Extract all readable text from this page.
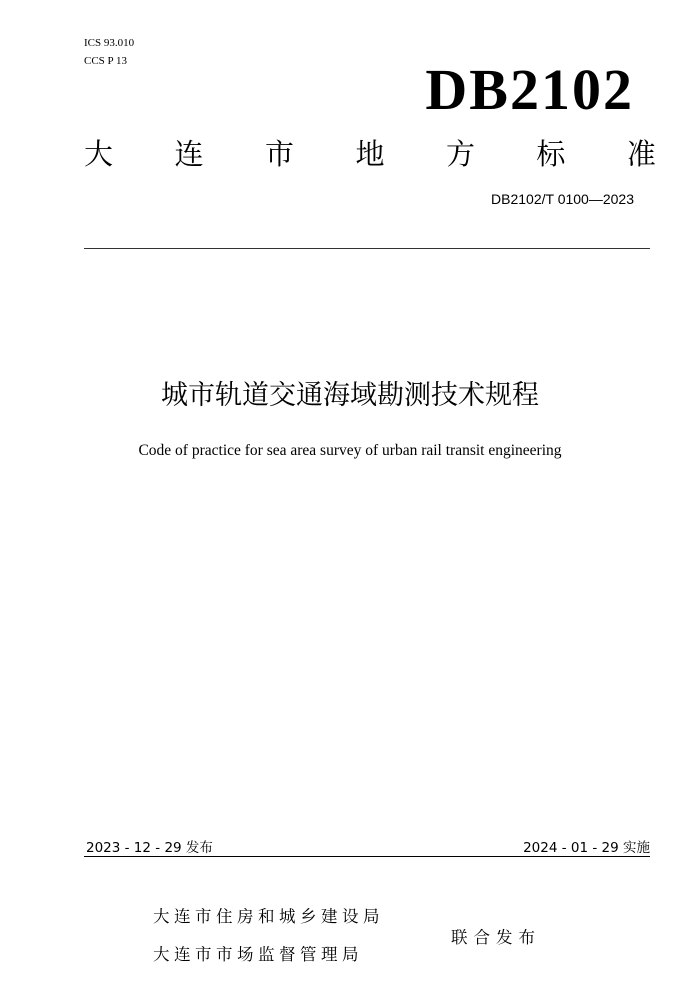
ICS 93.010
CCS P 13	DB2102
大 连 市 地 方 标 准
DB2102/T 0100—2023
城市轨道交通海域勘测技术规程
Code of practice for sea area survey of urban rail transit engineering
2023 - 12 - 29 发布	2024 - 01 - 29 实施
大连市住房和城乡建设局
大连市市场监督管理局
联合发布
